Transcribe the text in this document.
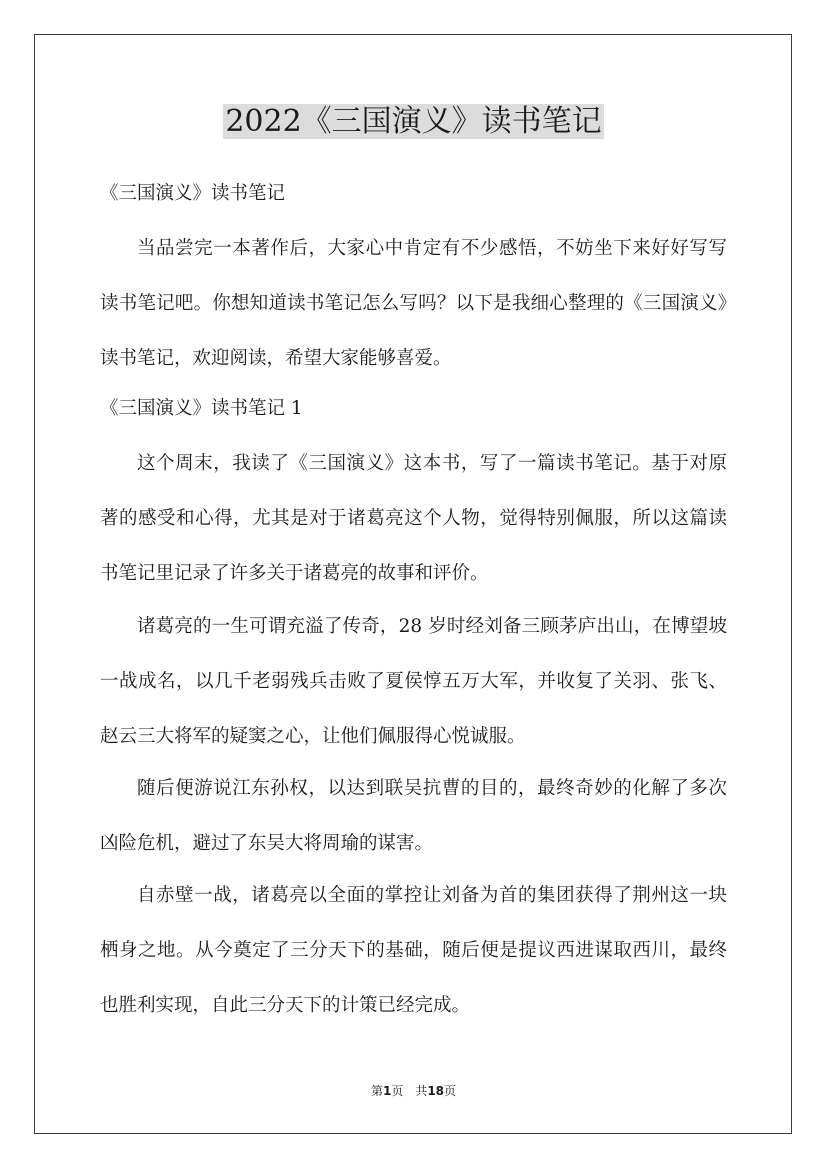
2022《三国演义》读书笔记

《三国演义》读书笔记

当品尝完一本著作后，大家心中肯定有不少感悟，不妨坐下来好好写写读书笔记吧。你想知道读书笔记怎么写吗？以下是我细心整理的《三国演义》读书笔记，欢迎阅读，希望大家能够喜爱。

《三国演义》读书笔记 1

这个周末，我读了《三国演义》这本书，写了一篇读书笔记。基于对原著的感受和心得，尤其是对于诸葛亮这个人物，觉得特别佩服，所以这篇读书笔记里记录了许多关于诸葛亮的故事和评价。

诸葛亮的一生可谓充溢了传奇，28 岁时经刘备三顾茅庐出山，在博望坡一战成名，以几千老弱残兵击败了夏侯惇五万大军，并收复了关羽、张飞、赵云三大将军的疑窦之心，让他们佩服得心悦诚服。

随后便游说江东孙权，以达到联吴抗曹的目的，最终奇妙的化解了多次凶险危机，避过了东吴大将周瑜的谋害。

自赤壁一战，诸葛亮以全面的掌控让刘备为首的集团获得了荆州这一块栖身之地。从今奠定了三分天下的基础，随后便是提议西进谋取西川，最终也胜利实现，自此三分天下的计策已经完成。

第1页　共18页
